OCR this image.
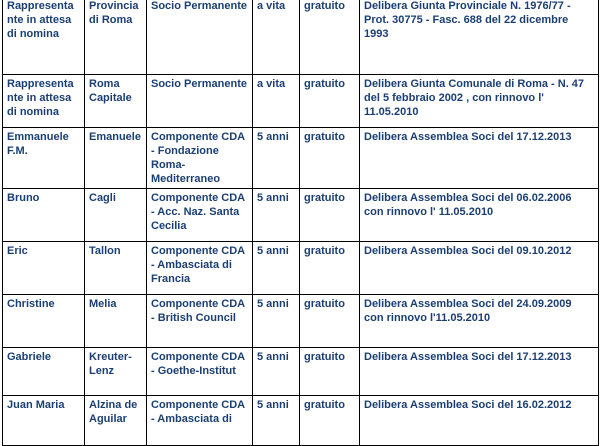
Rappresentante in attesa di nomina	Provincia di Roma	Socio Permanente	a vita	gratuito	Delibera Giunta Provinciale N. 1976/77 - Prot. 30775 - Fasc. 688 del 22 dicembre 1993
Rappresentante in attesa di nomina	Roma Capitale	Socio Permanente	a vita	gratuito	Delibera Giunta Comunale di Roma - N. 47 del 5 febbraio 2002 , con rinnovo l' 11.05.2010
Emmanuele F.M.	Emanuele	Componente CDA - Fondazione Roma-Mediterraneo	5 anni	gratuito	Delibera Assemblea Soci del 17.12.2013
Bruno	Cagli	Componente CDA - Acc. Naz. Santa Cecilia	5 anni	gratuito	Delibera Assemblea Soci del 06.02.2006 con rinnovo l' 11.05.2010
Eric	Tallon	Componente CDA - Ambasciata di Francia	5 anni	gratuito	Delibera Assemblea Soci del 09.10.2012
Christine	Melia	Componente CDA - British Council	5 anni	gratuito	Delibera Assemblea Soci del 24.09.2009 con rinnovo l'11.05.2010
Gabriele	Kreuter-Lenz	Componente CDA - Goethe-Institut	5 anni	gratuito	Delibera Assemblea Soci del 17.12.2013
Juan Maria	Alzina de Aguilar	Componente CDA - Ambasciata di	5 anni	gratuito	Delibera Assemblea Soci del 16.02.2012
